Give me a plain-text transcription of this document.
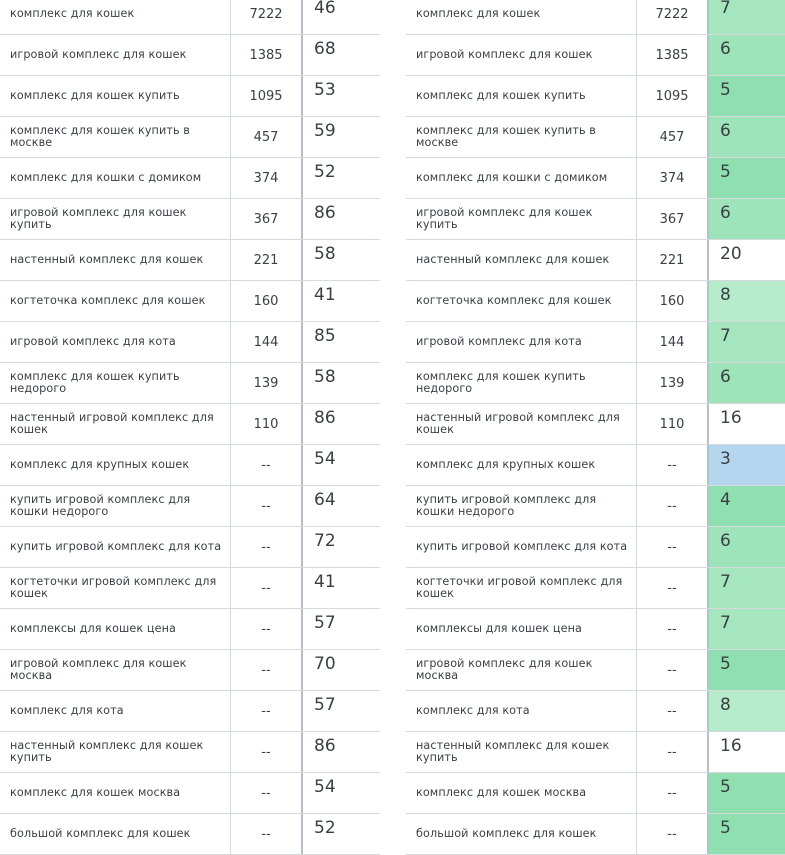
комплекс для кошек	7222	46
игровой комплекс для кошек	1385	68
комплекс для кошек купить	1095	53
комплекс для кошек купить в москве	457	59
комплекс для кошки с домиком	374	52
игровой комплекс для кошек купить	367	86
настенный комплекс для кошек	221	58
когтеточка комплекс для кошек	160	41
игровой комплекс для кота	144	85
комплекс для кошек купить недорого	139	58
настенный игровой комплекс для кошек	110	86
комплекс для крупных кошек	--	54
купить игровой комплекс для кошки недорого	--	64
купить игровой комплекс для кота	--	72
когтеточки игровой комплекс для кошек	--	41
комплексы для кошек цена	--	57
игровой комплекс для кошек москва	--	70
комплекс для кота	--	57
настенный комплекс для кошек купить	--	86
комплекс для кошек москва	--	54
большой комплекс для кошек	--	52
комплекс для кошек	7222	7
игровой комплекс для кошек	1385	6
комплекс для кошек купить	1095	5
комплекс для кошек купить в москве	457	6
комплекс для кошки с домиком	374	5
игровой комплекс для кошек купить	367	6
настенный комплекс для кошек	221	20
когтеточка комплекс для кошек	160	8
игровой комплекс для кота	144	7
комплекс для кошек купить недорого	139	6
настенный игровой комплекс для кошек	110	16
комплекс для крупных кошек	--	3
купить игровой комплекс для кошки недорого	--	4
купить игровой комплекс для кота	--	6
когтеточки игровой комплекс для кошек	--	7
комплексы для кошек цена	--	7
игровой комплекс для кошек москва	--	5
комплекс для кота	--	8
настенный комплекс для кошек купить	--	16
комплекс для кошек москва	--	5
большой комплекс для кошек	--	5
